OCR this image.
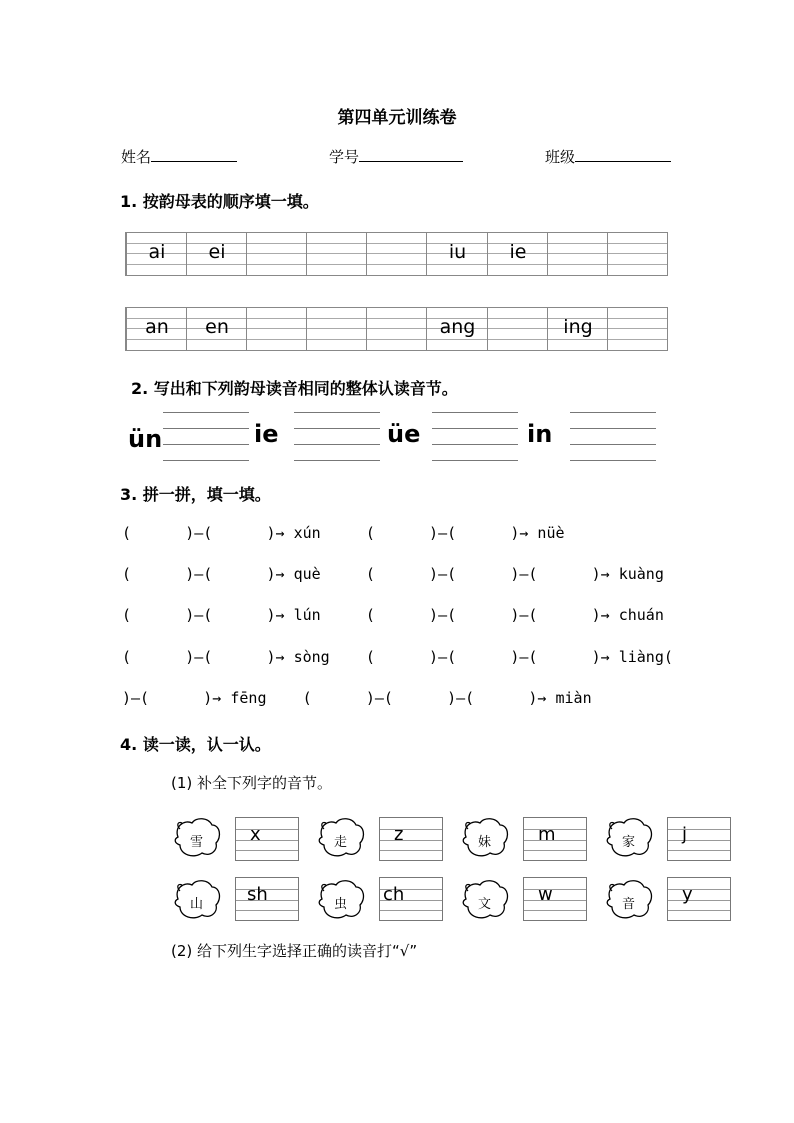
第四单元训练卷
姓名	学号	班级
1. 按韵母表的顺序填一填。
ai	ei	iu	ie
an	en	ang	ing
2. 写出和下列韵母读音相同的整体认读音节。
ün	ie	üe	in
3. 拼一拼，填一填。
(      )—(      )→ xún     (      )—(      )→ nüè
(      )—(      )→ què     (      )—(      )—(      )→ kuàng
(      )—(      )→ lún     (      )—(      )—(      )→ chuán
(      )—(      )→ sòng    (      )—(      )—(      )→ liàng(
)—(      )→ fēng    (      )—(      )—(      )→ miàn
4. 读一读，认一认。
(1) 补全下列字的音节。
雪	x	走	z	妹	m	家	j
山 sh	虫 ch	文	w	音	y
(2) 给下列生字选择正确的读音打“√”
